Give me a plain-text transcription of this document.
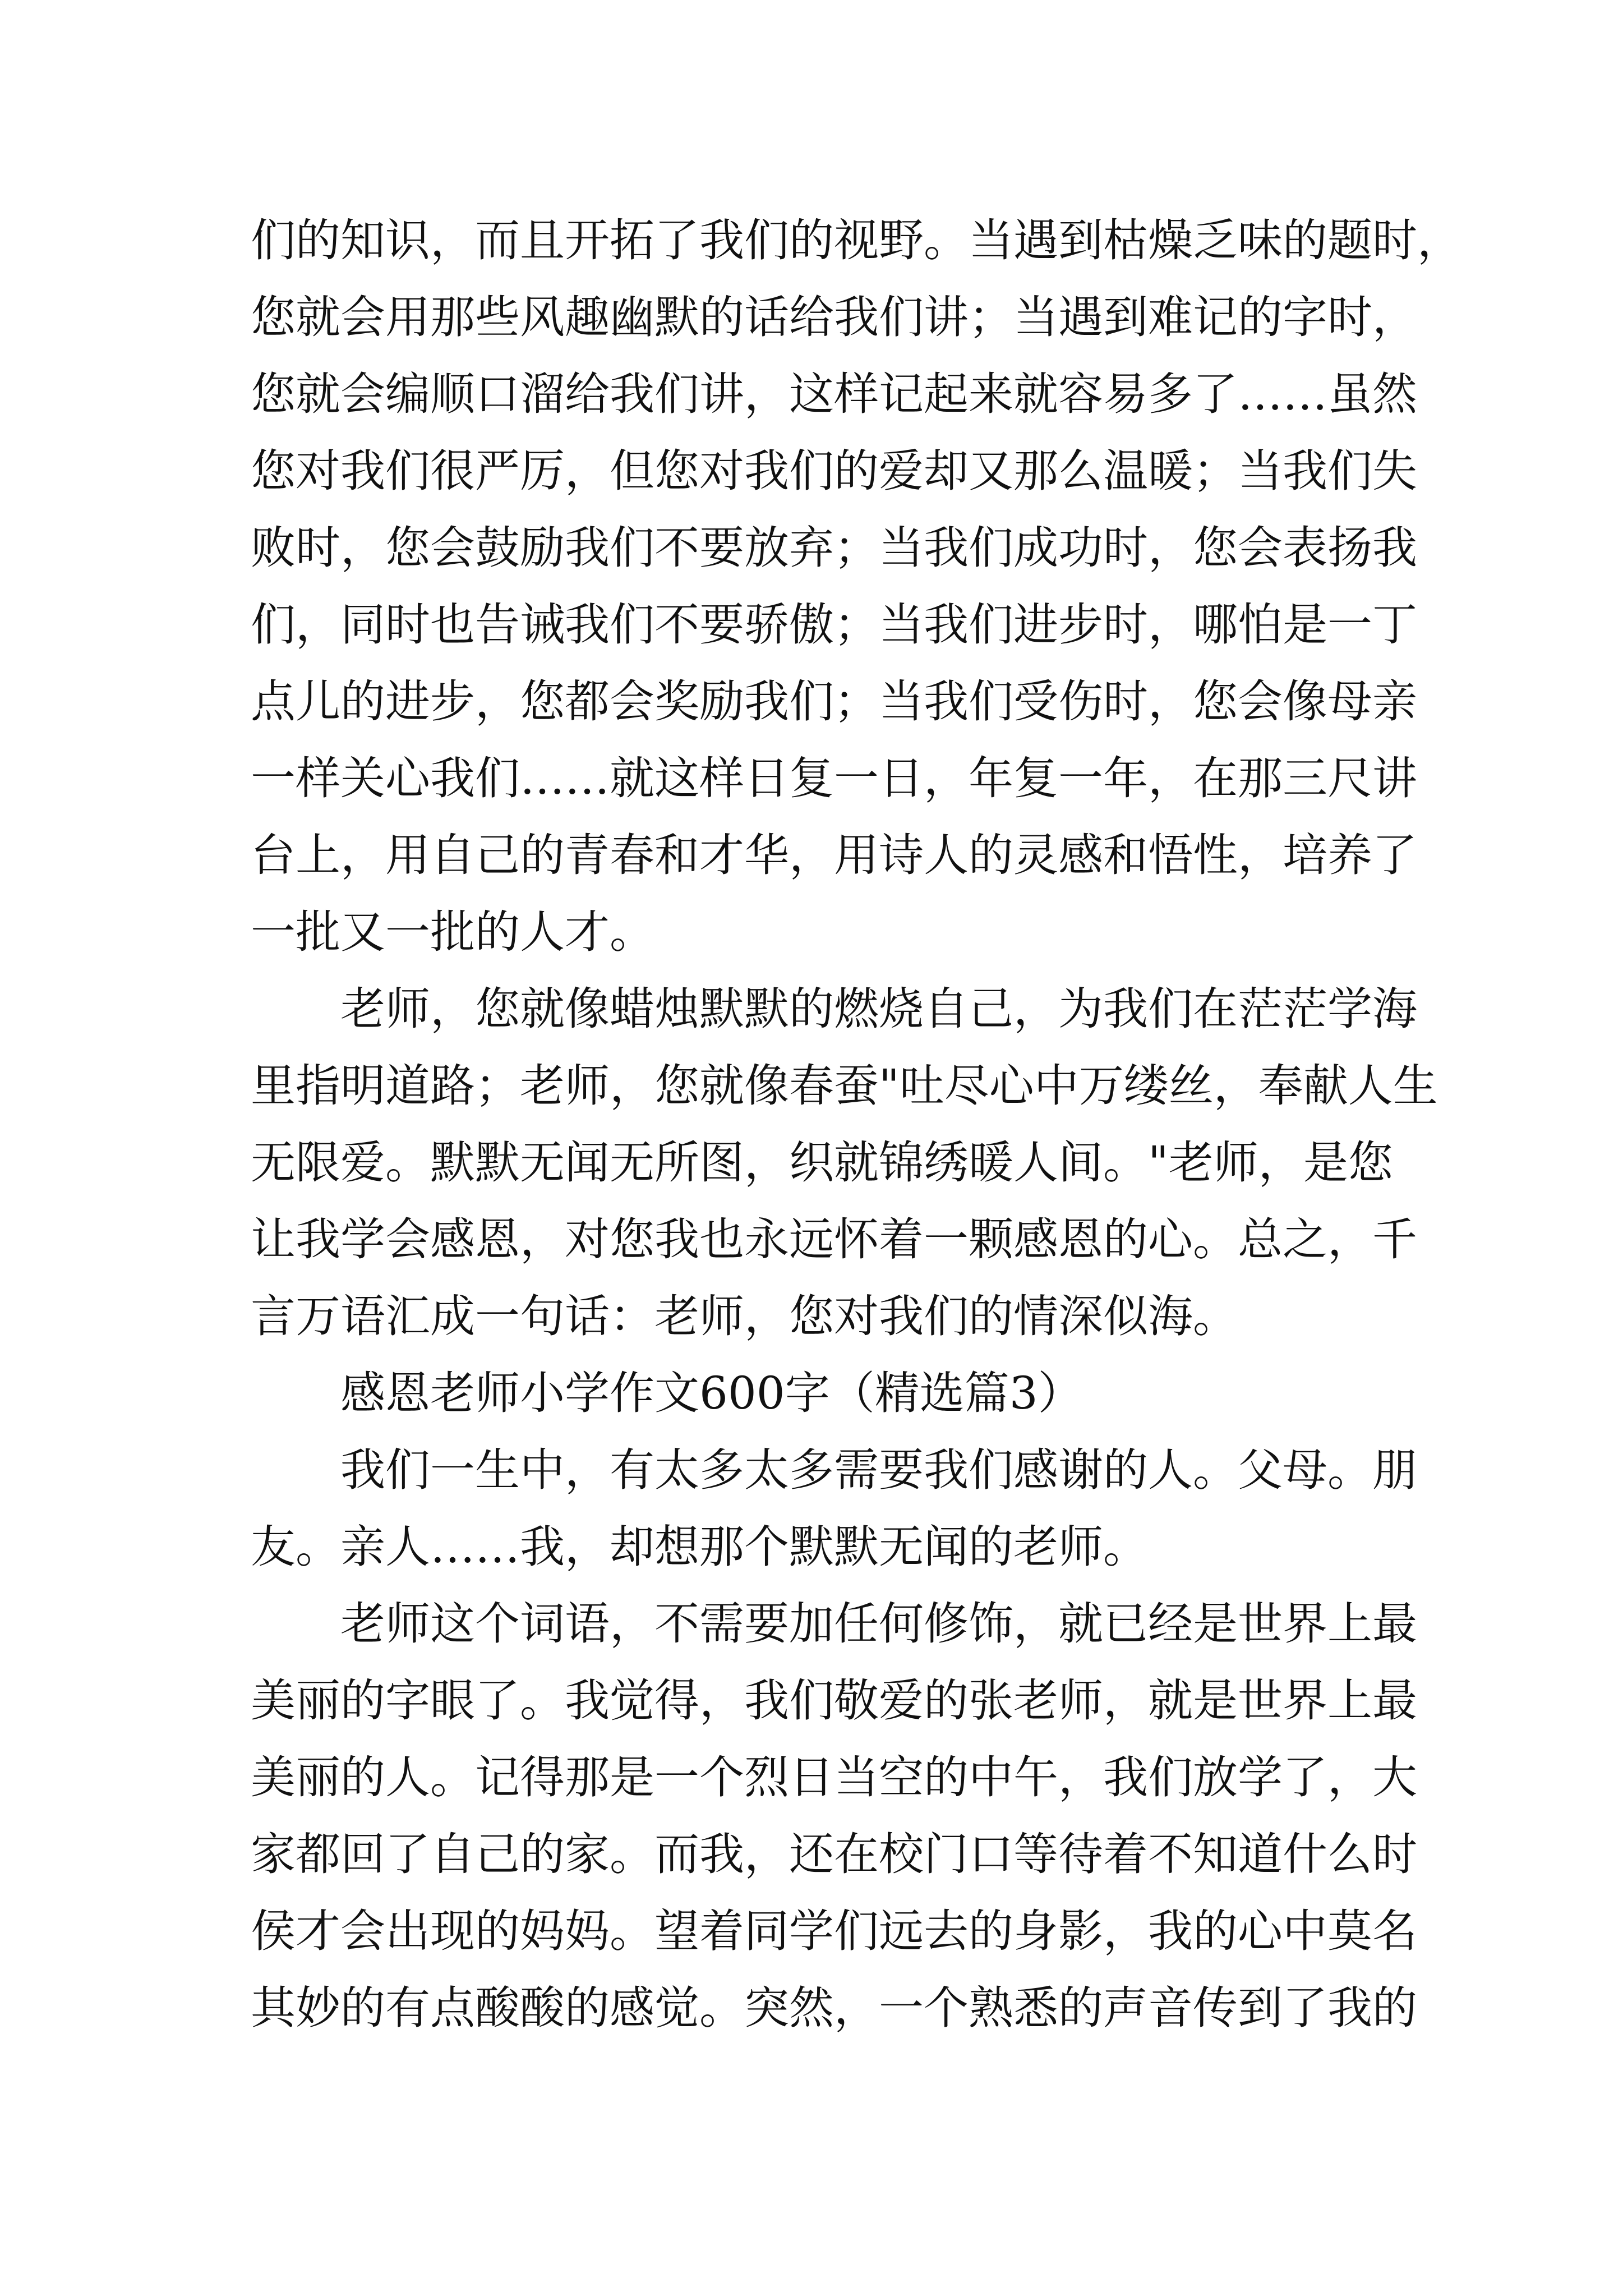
们的知识，而且开拓了我们的视野。当遇到枯燥乏味的题时，
您就会用那些风趣幽默的话给我们讲；当遇到难记的字时，
您就会编顺口溜给我们讲，这样记起来就容易多了……虽然
您对我们很严厉，但您对我们的爱却又那么温暖；当我们失
败时，您会鼓励我们不要放弃；当我们成功时，您会表扬我
们，同时也告诫我们不要骄傲；当我们进步时，哪怕是一丁
点儿的进步，您都会奖励我们；当我们受伤时，您会像母亲
一样关心我们……就这样日复一日，年复一年，在那三尺讲
台上，用自己的青春和才华，用诗人的灵感和悟性，培养了
一批又一批的人才。
老师，您就像蜡烛默默的燃烧自己，为我们在茫茫学海
里指明道路；老师，您就像春蚕"吐尽心中万缕丝，奉献人生
无限爱。默默无闻无所图，织就锦绣暖人间。"老师，是您
让我学会感恩，对您我也永远怀着一颗感恩的心。总之，千
言万语汇成一句话：老师，您对我们的情深似海。
感恩老师小学作文600字（精选篇3）
我们一生中，有太多太多需要我们感谢的人。父母。朋
友。亲人……我，却想那个默默无闻的老师。
老师这个词语，不需要加任何修饰，就已经是世界上最
美丽的字眼了。我觉得，我们敬爱的张老师，就是世界上最
美丽的人。记得那是一个烈日当空的中午，我们放学了，大
家都回了自己的家。而我，还在校门口等待着不知道什么时
侯才会出现的妈妈。望着同学们远去的身影，我的心中莫名
其妙的有点酸酸的感觉。突然，一个熟悉的声音传到了我的
